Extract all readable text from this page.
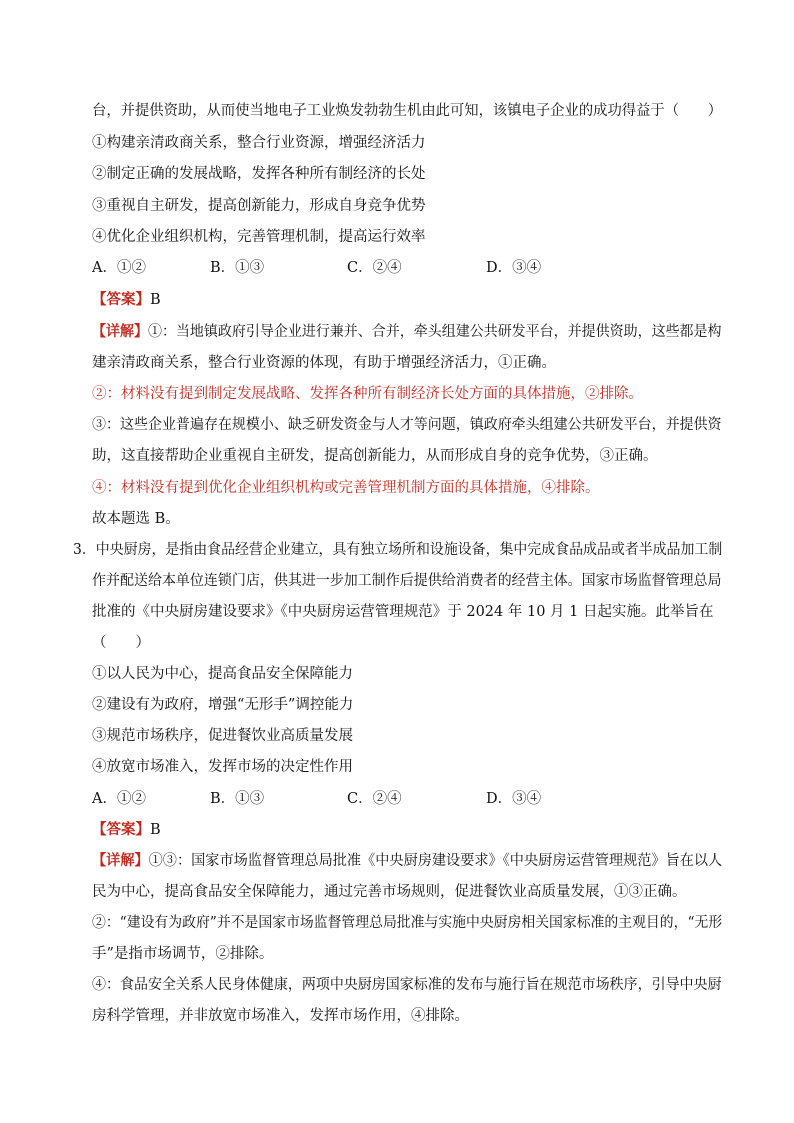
台，并提供资助，从而使当地电子工业焕发勃勃生机由此可知，该镇电子企业的成功得益于（　　）
①构建亲清政商关系，整合行业资源，增强经济活力
②制定正确的发展战略，发挥各种所有制经济的长处
③重视自主研发，提高创新能力，形成自身竞争优势
④优化企业组织机构，完善管理机制，提高运行效率
A．①②	B．①③	C．②④	D．③④
【答案】B
【详解】①：当地镇政府引导企业进行兼并、合并，牵头组建公共研发平台，并提供资助，这些都是构
建亲清政商关系，整合行业资源的体现，有助于增强经济活力，①正确。
②：材料没有提到制定发展战略、发挥各种所有制经济长处方面的具体措施，②排除。
③：这些企业普遍存在规模小、缺乏研发资金与人才等问题，镇政府牵头组建公共研发平台，并提供资
助，这直接帮助企业重视自主研发，提高创新能力，从而形成自身的竞争优势，③正确。
④：材料没有提到优化企业组织机构或完善管理机制方面的具体措施，④排除。
故本题选 B。
3．中央厨房，是指由食品经营企业建立，具有独立场所和设施设备，集中完成食品成品或者半成品加工制
作并配送给本单位连锁门店，供其进一步加工制作后提供给消费者的经营主体。国家市场监督管理总局
批准的《中央厨房建设要求》《中央厨房运营管理规范》于 2024 年 10 月 1 日起实施。此举旨在
（　　）
①以人民为中心，提高食品安全保障能力
②建设有为政府，增强“无形手”调控能力
③规范市场秩序，促进餐饮业高质量发展
④放宽市场准入，发挥市场的决定性作用
A．①②	B．①③	C．②④	D．③④
【答案】B
【详解】①③：国家市场监督管理总局批准《中央厨房建设要求》《中央厨房运营管理规范》旨在以人
民为中心，提高食品安全保障能力，通过完善市场规则，促进餐饮业高质量发展，①③正确。
②：“建设有为政府”并不是国家市场监督管理总局批准与实施中央厨房相关国家标准的主观目的，“无形
手”是指市场调节，②排除。
④：食品安全关系人民身体健康，两项中央厨房国家标准的发布与施行旨在规范市场秩序，引导中央厨
房科学管理，并非放宽市场准入，发挥市场作用，④排除。
